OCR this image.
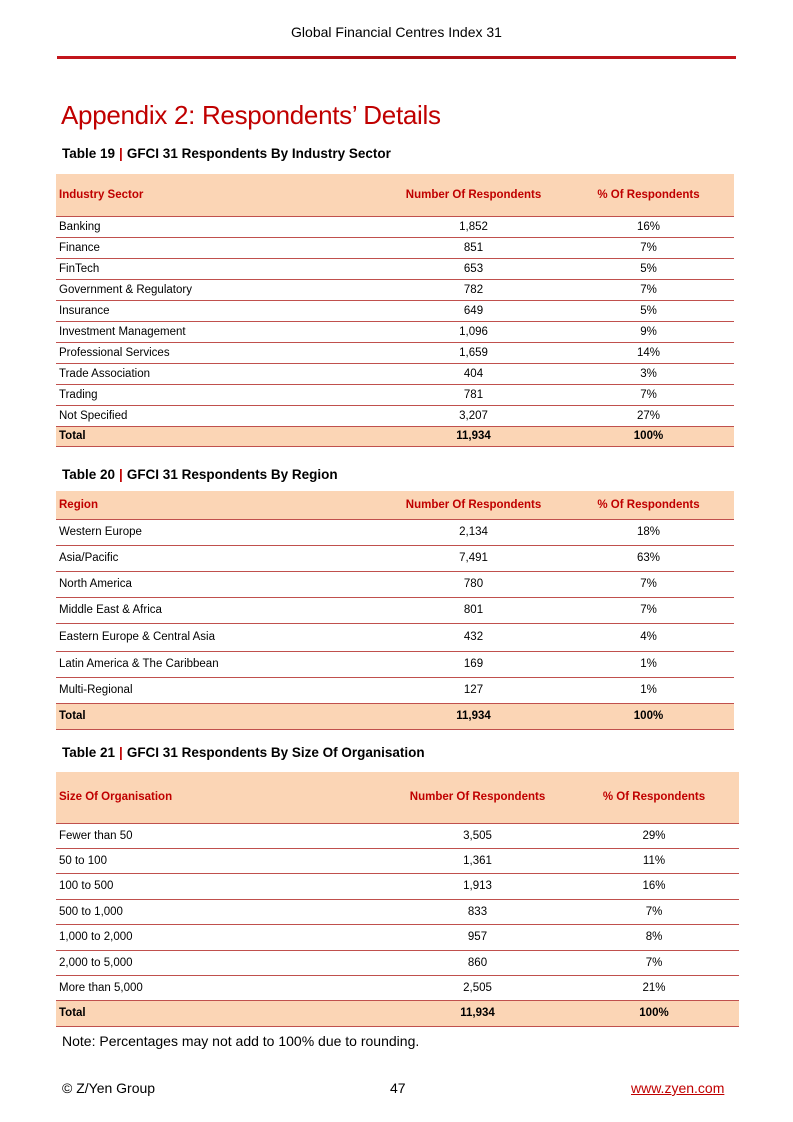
Global Financial Centres Index 31
Appendix 2: Respondents’ Details
Table 19 | GFCI 31 Respondents By Industry Sector
Industry Sector	Number Of Respondents	% Of Respondents
Banking	1,852	16%
Finance	851	7%
FinTech	653	5%
Government & Regulatory	782	7%
Insurance	649	5%
Investment Management	1,096	9%
Professional Services	1,659	14%
Trade Association	404	3%
Trading	781	7%
Not Specified	3,207	27%
Total	11,934	100%
Table 20 | GFCI 31 Respondents By Region
Region	Number Of Respondents	% Of Respondents
Western Europe	2,134	18%
Asia/Pacific	7,491	63%
North America	780	7%
Middle East & Africa	801	7%
Eastern Europe & Central Asia	432	4%
Latin America & The Caribbean	169	1%
Multi-Regional	127	1%
Total	11,934	100%
Table 21 | GFCI 31 Respondents By Size Of Organisation
Size Of Organisation	Number Of Respondents	% Of Respondents
Fewer than 50	3,505	29%
50 to 100	1,361	11%
100 to 500	1,913	16%
500 to 1,000	833	7%
1,000 to 2,000	957	8%
2,000 to 5,000	860	7%
More than 5,000	2,505	21%
Total	11,934	100%
Note: Percentages may not add to 100% due to rounding.
© Z/Yen Group	47	www.zyen.com
